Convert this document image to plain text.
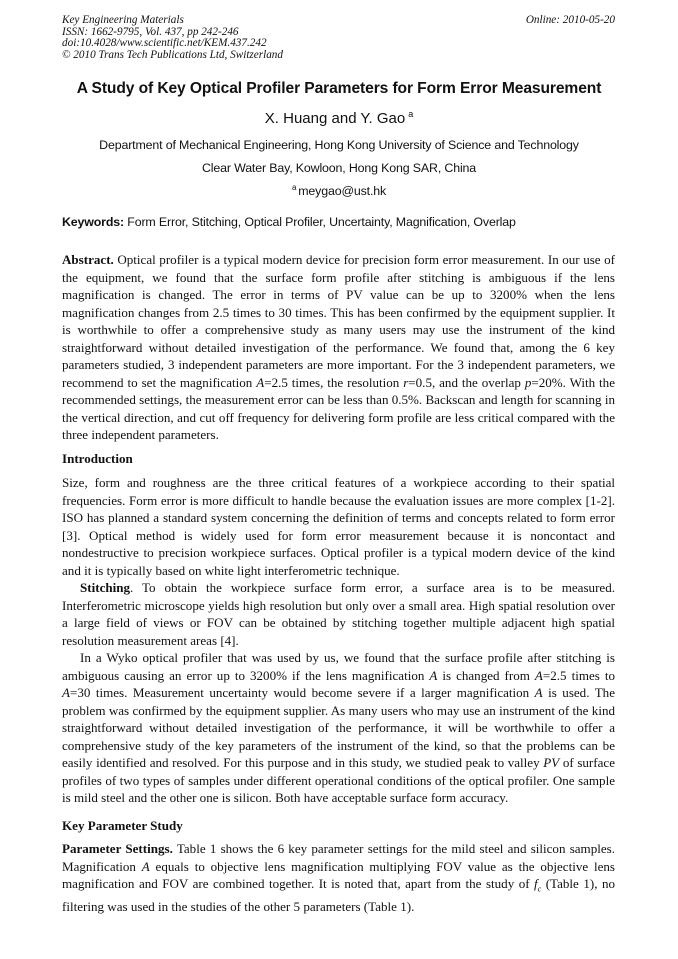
Key Engineering Materials
ISSN: 1662-9795, Vol. 437, pp 242-246
doi:10.4028/www.scientific.net/KEM.437.242
© 2010 Trans Tech Publications Ltd, Switzerland
Online: 2010-05-20
A Study of Key Optical Profiler Parameters for Form Error Measurement
X. Huang and Y. Gao $^a$
Department of Mechanical Engineering, Hong Kong University of Science and Technology
Clear Water Bay, Kowloon, Hong Kong SAR, China
$^a$ meygao@ust.hk
Keywords: Form Error, Stitching, Optical Profiler, Uncertainty, Magnification, Overlap
Abstract. Optical profiler is a typical modern device for precision form error measurement. In our use of the equipment, we found that the surface form profile after stitching is ambiguous if the lens magnification is changed. The error in terms of PV value can be up to 3200% when the lens magnification changes from 2.5 times to 30 times. This has been confirmed by the equipment supplier. It is worthwhile to offer a comprehensive study as many users may use the instrument of the kind straightforward without detailed investigation of the performance. We found that, among the 6 key parameters studied, 3 independent parameters are more important. For the 3 independent parameters, we recommend to set the magnification A=2.5 times, the resolution r=0.5, and the overlap p=20%. With the recommended settings, the measurement error can be less than 0.5%. Backscan and length for scanning in the vertical direction, and cut off frequency for delivering form profile are less critical compared with the three independent parameters.
Introduction
Size, form and roughness are the three critical features of a workpiece according to their spatial frequencies. Form error is more difficult to handle because the evaluation issues are more complex [1-2]. ISO has planned a standard system concerning the definition of terms and concepts related to form error [3]. Optical method is widely used for form error measurement because it is noncontact and nondestructive to precision workpiece surfaces. Optical profiler is a typical modern device of the kind and it is typically based on white light interferometric technique.
Stitching. To obtain the workpiece surface form error, a surface area is to be measured. Interferometric microscope yields high resolution but only over a small area. High spatial resolution over a large field of views or FOV can be obtained by stitching together multiple adjacent high spatial resolution measurement areas [4].
In a Wyko optical profiler that was used by us, we found that the surface profile after stitching is ambiguous causing an error up to 3200% if the lens magnification A is changed from A=2.5 times to A=30 times. Measurement uncertainty would become severe if a larger magnification A is used. The problem was confirmed by the equipment supplier. As many users who may use an instrument of the kind straightforward without detailed investigation of the performance, it will be worthwhile to offer a comprehensive study of the key parameters of the instrument of the kind, so that the problems can be easily identified and resolved. For this purpose and in this study, we studied peak to valley PV of surface profiles of two types of samples under different operational conditions of the optical profiler. One sample is mild steel and the other one is silicon. Both have acceptable surface form accuracy.
Key Parameter Study
Parameter Settings. Table 1 shows the 6 key parameter settings for the mild steel and silicon samples. Magnification A equals to objective lens magnification multiplying FOV value as the objective lens magnification and FOV are combined together. It is noted that, apart from the study of $f_c$ (Table 1), no filtering was used in the studies of the other 5 parameters (Table 1).
